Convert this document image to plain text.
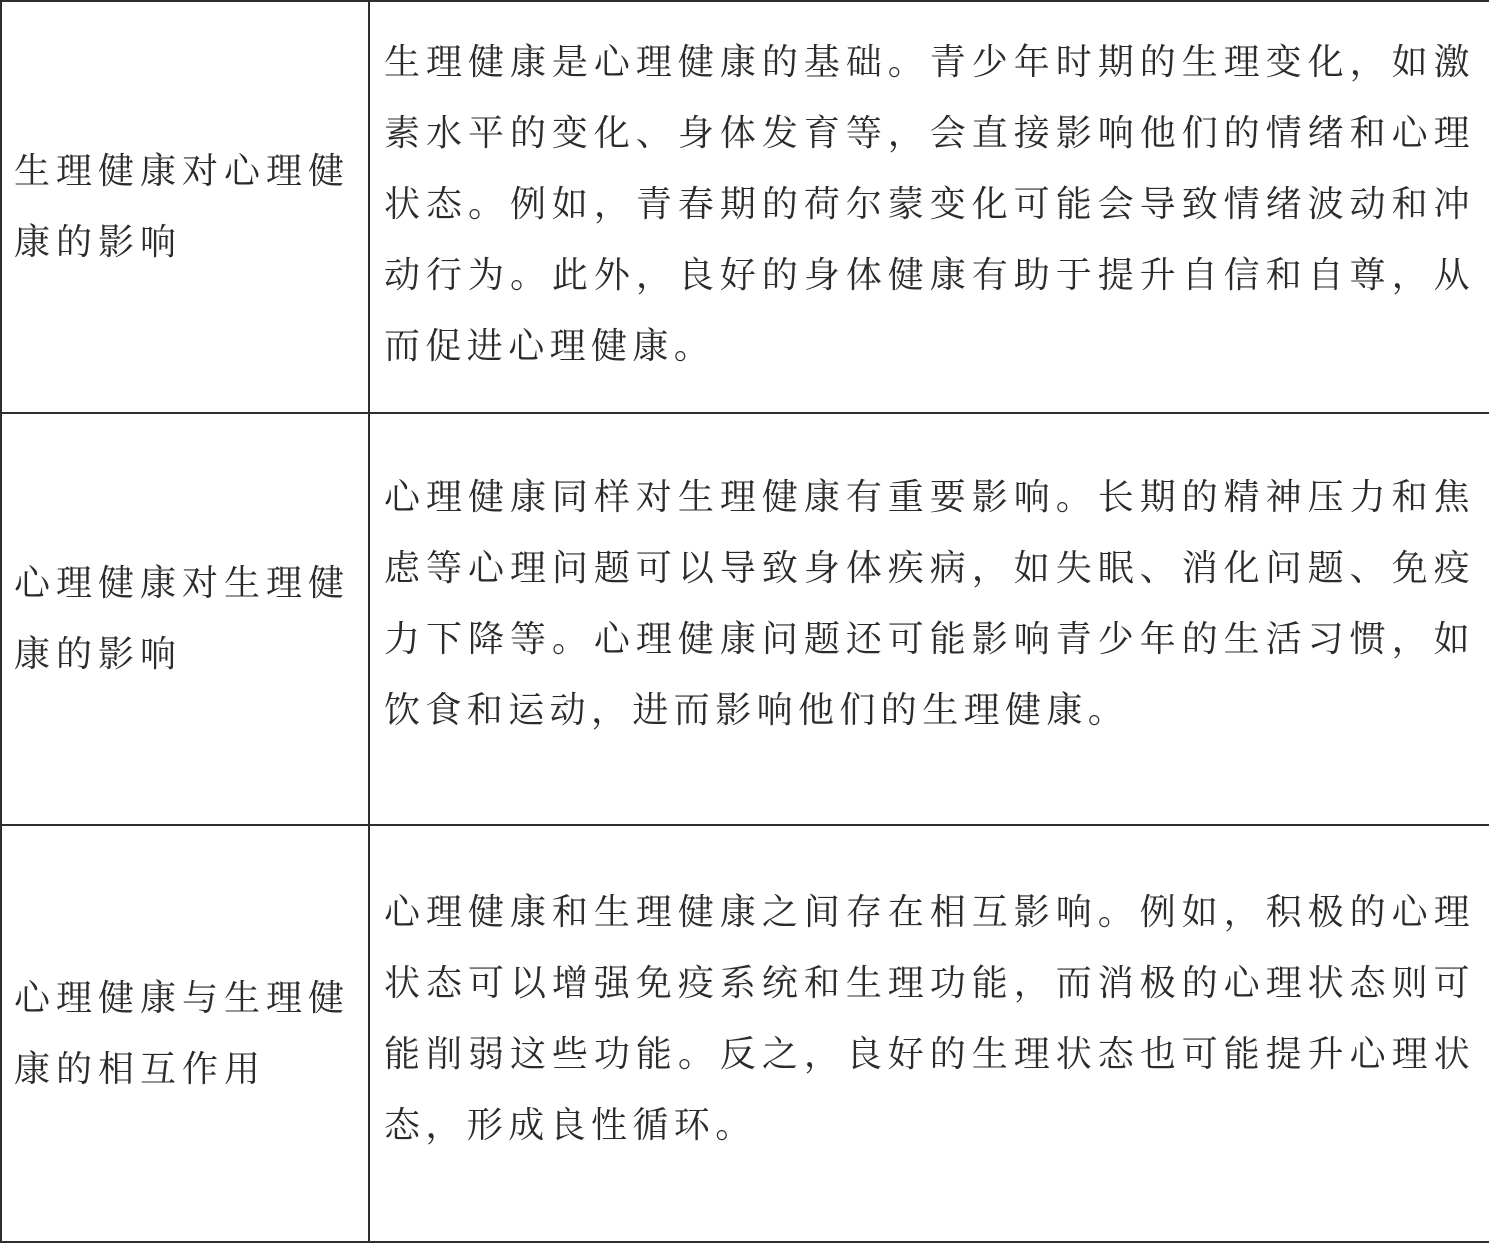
生理健康对心理健康的影响	生理健康是心理健康的基础。青少年时期的生理变化，如激素水平的变化、身体发育等，会直接影响他们的情绪和心理状态。例如，青春期的荷尔蒙变化可能会导致情绪波动和冲动行为。此外，良好的身体健康有助于提升自信和自尊，从而促进心理健康。

心理健康对生理健康的影响	心理健康同样对生理健康有重要影响。长期的精神压力和焦虑等心理问题可以导致身体疾病，如失眠、消化问题、免疫力下降等。心理健康问题还可能影响青少年的生活习惯，如饮食和运动，进而影响他们的生理健康。

心理健康与生理健康的相互作用	心理健康和生理健康之间存在相互影响。例如，积极的心理状态可以增强免疫系统和生理功能，而消极的心理状态则可能削弱这些功能。反之，良好的生理状态也可能提升心理状态，形成良性循环。
